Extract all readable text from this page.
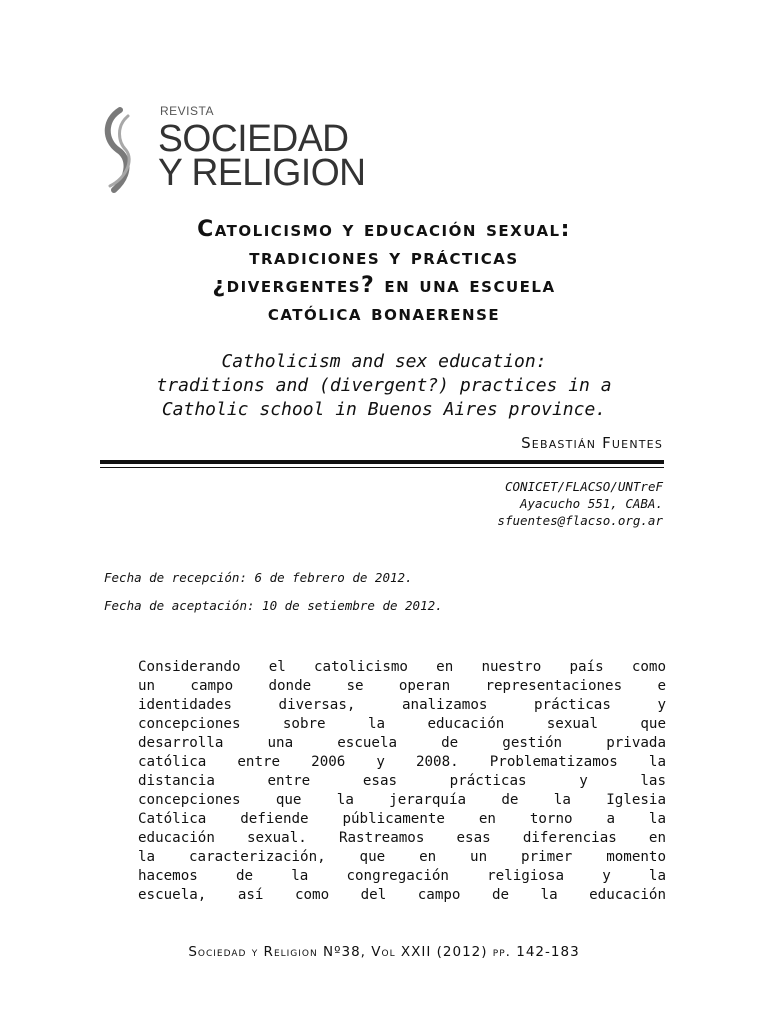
REVISTA
SOCIEDAD
Y RELIGION
Catolicismo y educación sexual:
tradiciones y prácticas
¿divergentes? en una escuela
católica bonaerense
Catholicism and sex education:
traditions and (divergent?) practices in a
Catholic school in Buenos Aires province.
Sebastián Fuentes
CONICET/FLACSO/UNTreF
Ayacucho 551, CABA.
sfuentes@flacso.org.ar
Fecha de recepción: 6 de febrero de 2012.
Fecha de aceptación: 10 de setiembre de 2012.
Considerando el catolicismo en nuestro país como
un campo donde se operan representaciones e
identidades diversas, analizamos prácticas y
concepciones sobre la educación sexual que
desarrolla una escuela de gestión privada
católica entre 2006 y 2008. Problematizamos la
distancia entre esas prácticas y las
concepciones que la jerarquía de la Iglesia
Católica defiende públicamente en torno a la
educación sexual. Rastreamos esas diferencias en
la caracterización, que en un primer momento
hacemos de la congregación religiosa y la
escuela, así como del campo de la educación
Sociedad y Religion Nº38, Vol XXII (2012) pp. 142-183
